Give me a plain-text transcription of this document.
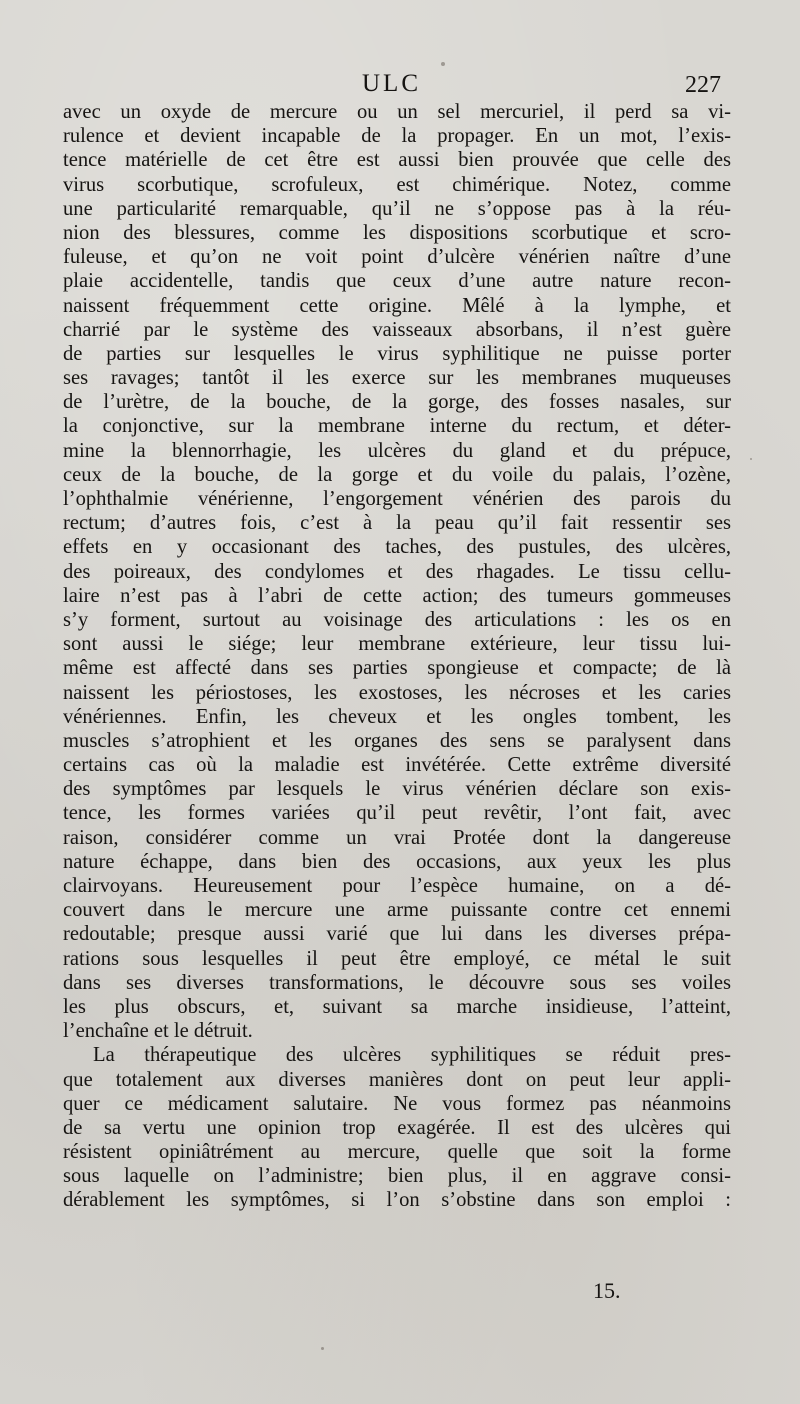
ULC	227
avec un oxyde de mercure ou un sel mercuriel, il perd sa vi-
rulence et devient incapable de la propager. En un mot, l’exis-
tence matérielle de cet être est aussi bien prouvée que celle des
virus scorbutique, scrofuleux, est chimérique. Notez, comme
une particularité remarquable, qu’il ne s’oppose pas à la réu-
nion des blessures, comme les dispositions scorbutique et scro-
fuleuse, et qu’on ne voit point d’ulcère vénérien naître d’une
plaie accidentelle, tandis que ceux d’une autre nature recon-
naissent fréquemment cette origine. Mêlé à la lymphe, et
charrié par le système des vaisseaux absorbans, il n’est guère
de parties sur lesquelles le virus syphilitique ne puisse porter
ses ravages; tantôt il les exerce sur les membranes muqueuses
de l’urètre, de la bouche, de la gorge, des fosses nasales, sur
la conjonctive, sur la membrane interne du rectum, et déter-
mine la blennorrhagie, les ulcères du gland et du prépuce,
ceux de la bouche, de la gorge et du voile du palais, l’ozène,
l’ophthalmie vénérienne, l’engorgement vénérien des parois du
rectum; d’autres fois, c’est à la peau qu’il fait ressentir ses
effets en y occasionant des taches, des pustules, des ulcères,
des poireaux, des condylomes et des rhagades. Le tissu cellu-
laire n’est pas à l’abri de cette action; des tumeurs gommeuses
s’y forment, surtout au voisinage des articulations : les os en
sont aussi le siége; leur membrane extérieure, leur tissu lui-
même est affecté dans ses parties spongieuse et compacte; de là
naissent les périostoses, les exostoses, les nécroses et les caries
vénériennes. Enfin, les cheveux et les ongles tombent, les
muscles s’atrophient et les organes des sens se paralysent dans
certains cas où la maladie est invétérée. Cette extrême diversité
des symptômes par lesquels le virus vénérien déclare son exis-
tence, les formes variées qu’il peut revêtir, l’ont fait, avec
raison, considérer comme un vrai Protée dont la dangereuse
nature échappe, dans bien des occasions, aux yeux les plus
clairvoyans. Heureusement pour l’espèce humaine, on a dé-
couvert dans le mercure une arme puissante contre cet ennemi
redoutable; presque aussi varié que lui dans les diverses prépa-
rations sous lesquelles il peut être employé, ce métal le suit
dans ses diverses transformations, le découvre sous ses voiles
les plus obscurs, et, suivant sa marche insidieuse, l’atteint,
l’enchaîne et le détruit.
La thérapeutique des ulcères syphilitiques se réduit pres-
que totalement aux diverses manières dont on peut leur appli-
quer ce médicament salutaire. Ne vous formez pas néanmoins
de sa vertu une opinion trop exagérée. Il est des ulcères qui
résistent opiniâtrément au mercure, quelle que soit la forme
sous laquelle on l’administre; bien plus, il en aggrave consi-
dérablement les symptômes, si l’on s’obstine dans son emploi :
15.
